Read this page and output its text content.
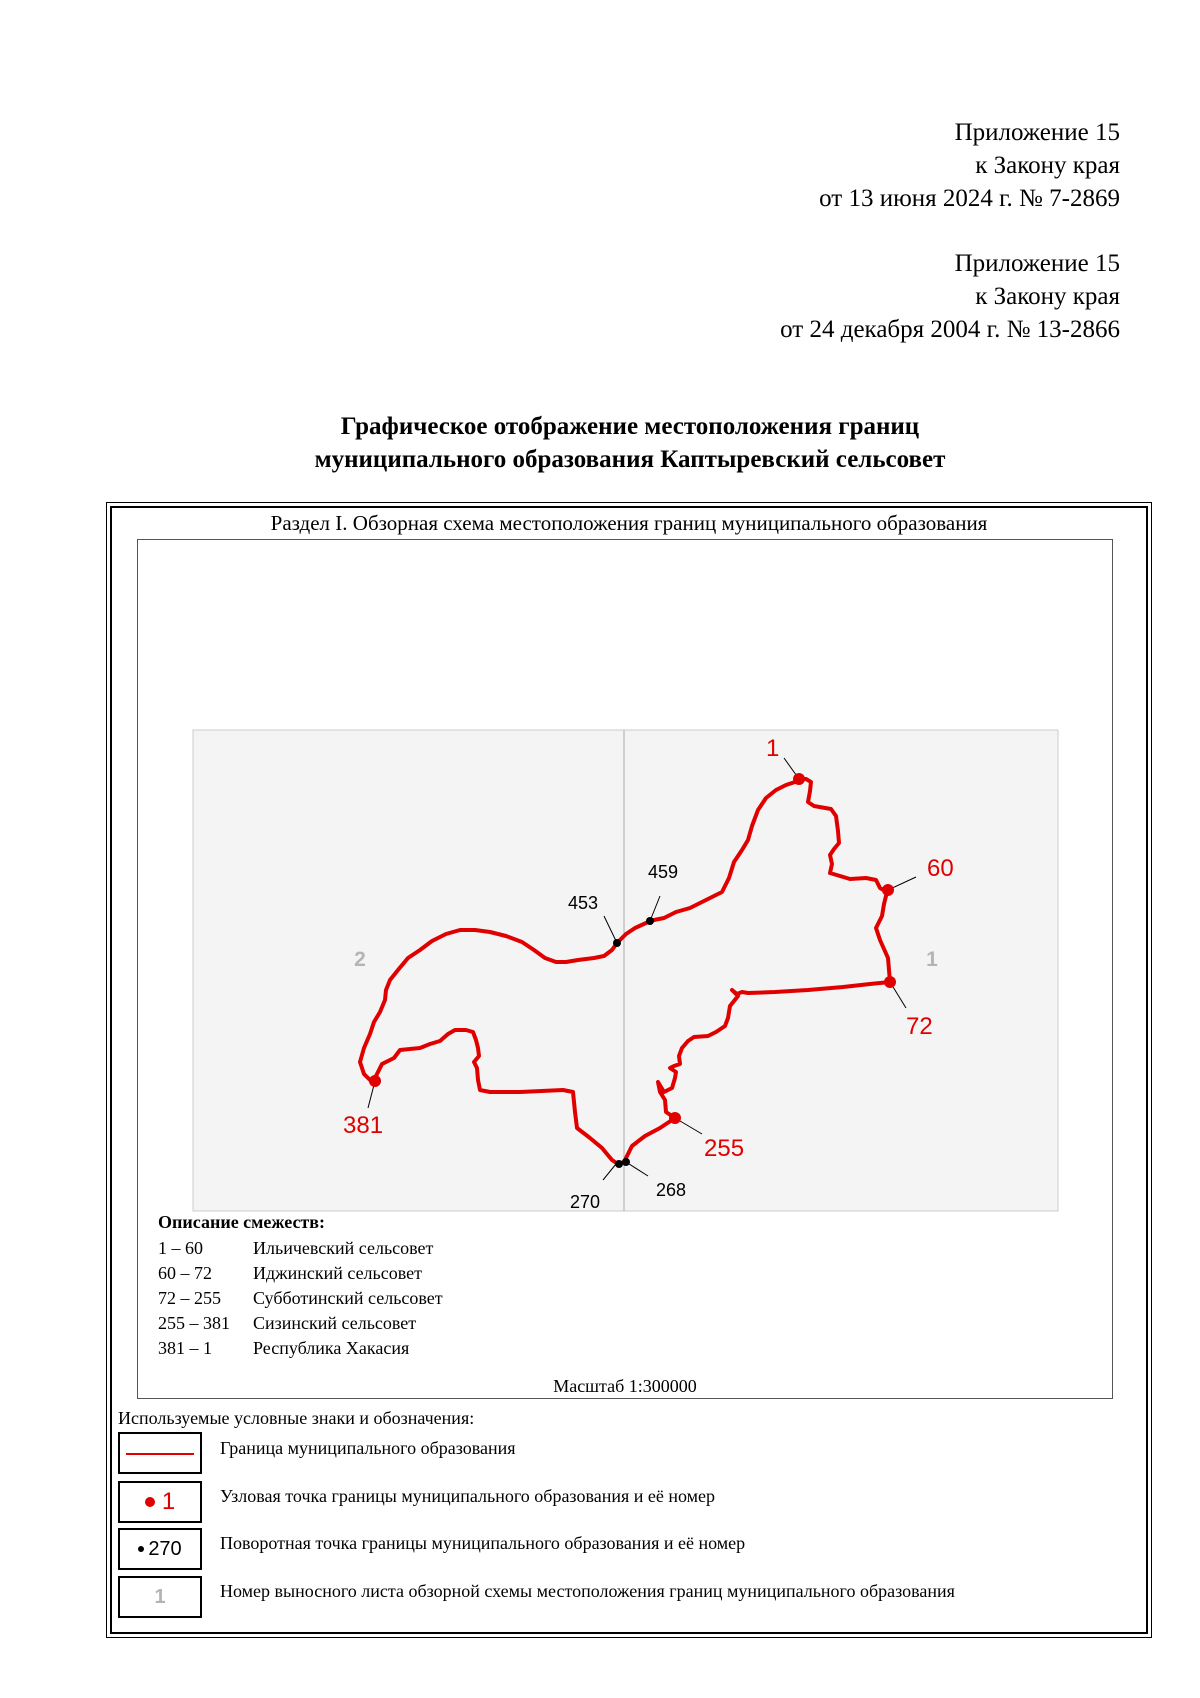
Приложение 15
к Закону края
от 13 июня 2024 г. № 7-2869
Приложение 15
к Закону края
от 24 декабря 2004 г. № 13-2866
Графическое отображение местоположения границ
муниципального образования Каптыревский сельсовет
Раздел I. Обзорная схема местоположения границ муниципального образования
2	1
1
60
72
255
381
453
459
270
268
Описание смежеств:
1 – 60	Ильичевский сельсовет
60 – 72 Иджинский сельсовет
72 – 255 Субботинский сельсовет
255 – 381 Сизинский сельсовет
381 – 1 Республика Хакасия
Масштаб 1:300000
Используемые условные знаки и обозначения:
Граница муниципального образования
1 Узловая точка границы муниципального образования и её номер
270 Поворотная точка границы муниципального образования и её номер
1	Номер выносного листа обзорной схемы местоположения границ муниципального образования
